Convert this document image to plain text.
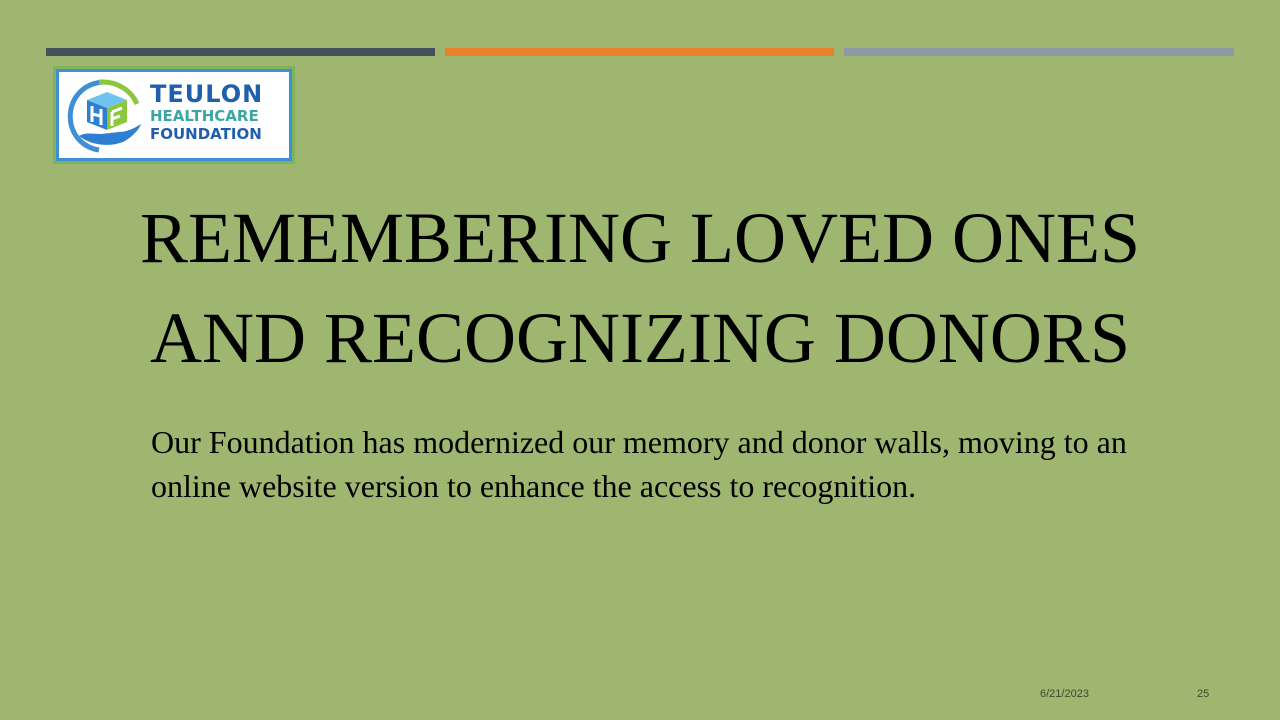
TEULON
HEALTHCARE
FOUNDATION
REMEMBERING LOVED ONES
AND RECOGNIZING DONORS

Our Foundation has modernized our memory and donor walls, moving to an online website version to enhance the access to recognition.

6/21/2023	25
